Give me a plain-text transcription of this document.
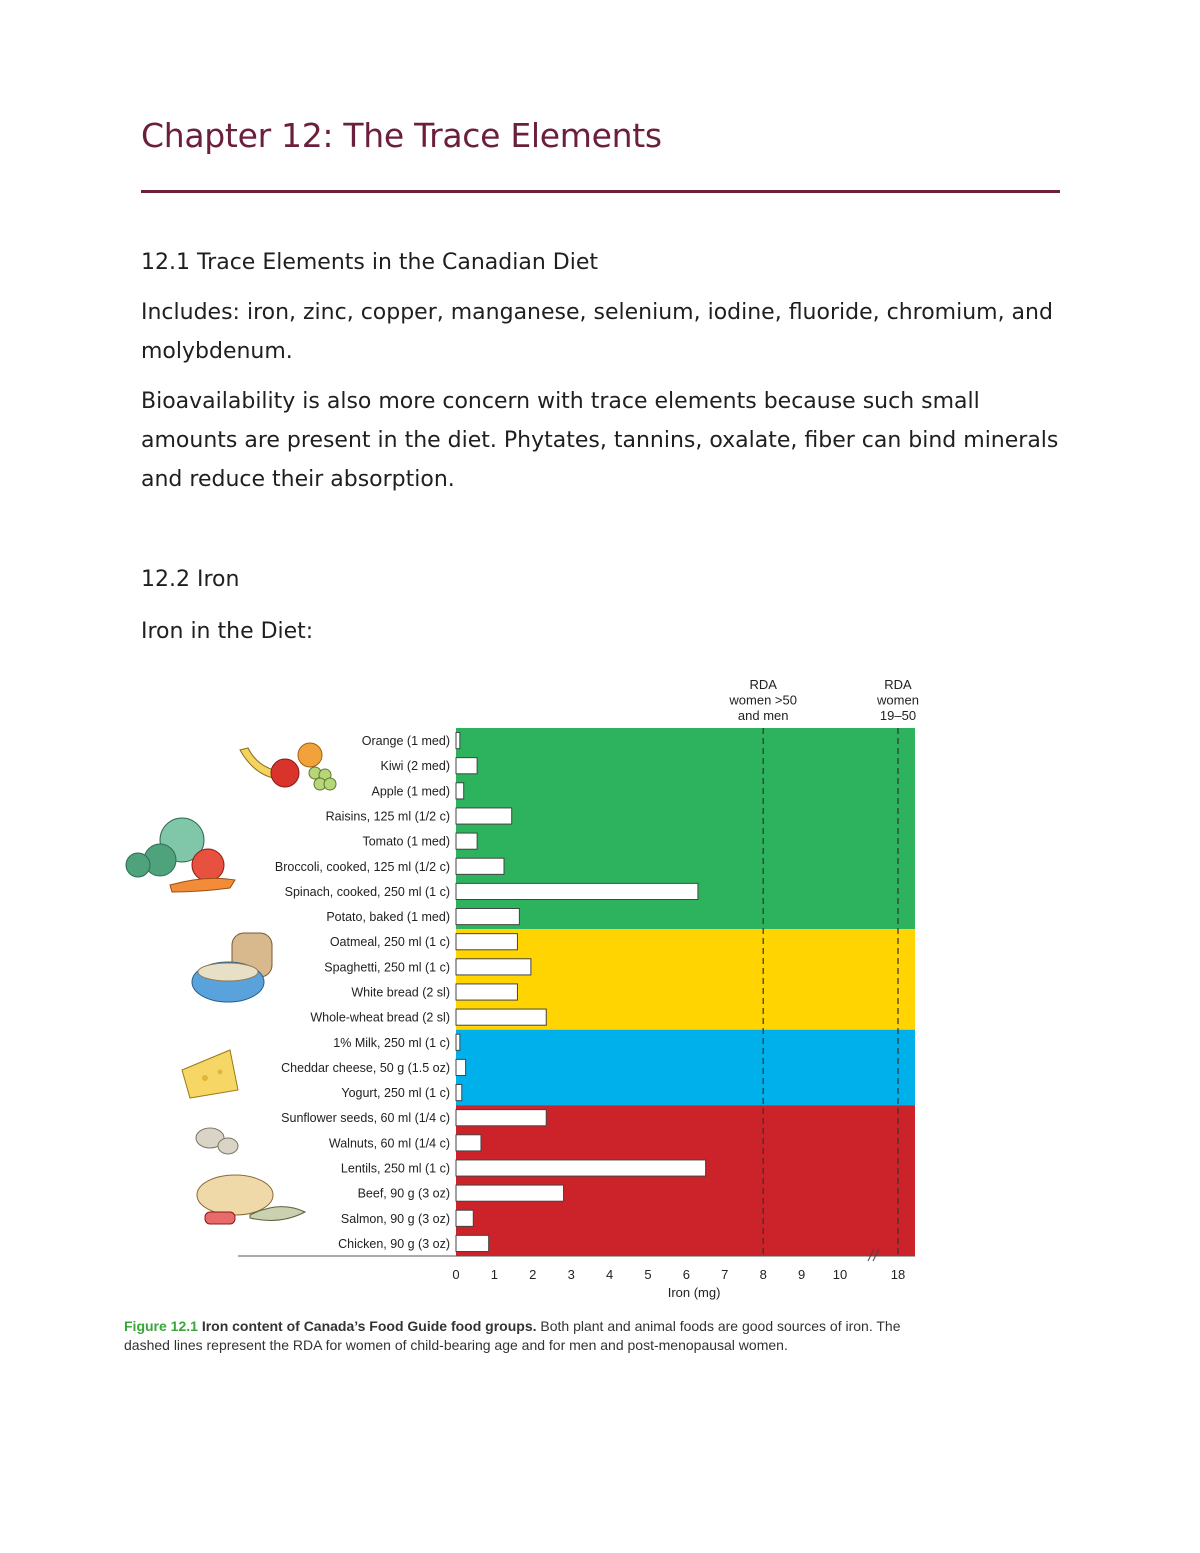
Chapter 12: The Trace Elements

12.1 Trace Elements in the Canadian Diet

Includes: iron, zinc, copper, manganese, selenium, iodine, fluoride, chromium, and molybdenum.

Bioavailability is also more concern with trace elements because such small amounts are present in the diet. Phytates, tannins, oxalate, fiber can bind minerals and reduce their absorption.

12.2 Iron

Iron in the Diet:

RDA
women >50
and men
RDA
women
19–50
Orange (1 med)
Kiwi (2 med)
Apple (1 med)
Raisins, 125 ml (1/2 c)
Tomato (1 med)
Broccoli, cooked, 125 ml (1/2 c)
Spinach, cooked, 250 ml (1 c)
Potato, baked (1 med)
Oatmeal, 250 ml (1 c)
Spaghetti, 250 ml (1 c)
White bread (2 sl)
Whole-wheat bread (2 sl)
1% Milk, 250 ml (1 c)
Cheddar cheese, 50 g (1.5 oz)
Yogurt, 250 ml (1 c)
Sunflower seeds, 60 ml (1/4 c)
Walnuts, 60 ml (1/4 c)
Lentils, 250 ml (1 c)
Beef, 90 g (3 oz)
Salmon, 90 g (3 oz)
Chicken, 90 g (3 oz)
0 1 2 3 4 5 6 7 8 9 10	18
Iron (mg)

Figure 12.1 Iron content of Canada’s Food Guide food groups. Both plant and animal foods are good sources of iron. The dashed lines represent the RDA for women of child-bearing age and for men and post-menopausal women.
